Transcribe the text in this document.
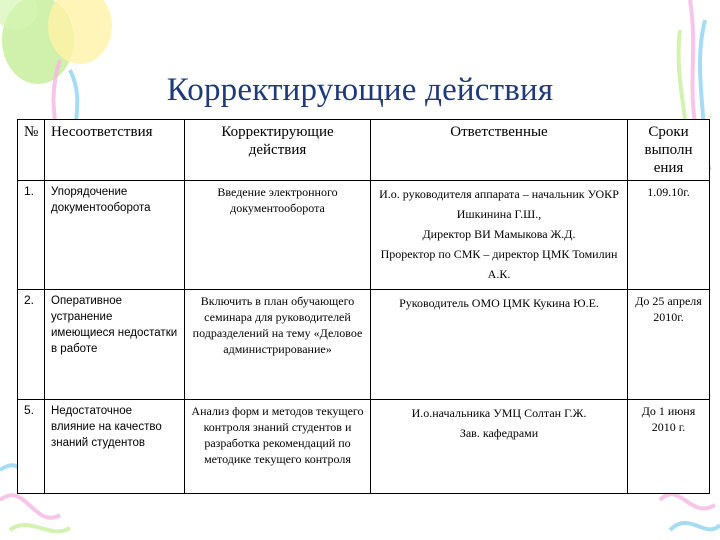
Корректирующие действия
№	Несоответствия	Корректирующие действия	Ответственные	Сроки выполн ения
1.	Упорядочение документооборота	Введение электронного документооборота	И.о. руководителя аппарата – начальник УОКР Ишкинина Г.Ш.,
Директор ВИ Мамыкова Ж.Д.
Проректор по СМК – директор ЦМК Томилин А.К.	1.09.10г.
2.	Оперативное устранение имеющиеся недостатки в работе	Включить в план обучающего семинара для руководителей подразделений на тему «Деловое администрирование»	Руководитель ОМО ЦМК Кукина Ю.Е.	До 25 апреля 2010г.
5.	Недостаточное влияние на качество знаний студентов	Анализ форм и методов текущего контроля знаний студентов и разработка рекомендаций по методике текущего контроля	И.о.начальника УМЦ Солтан Г.Ж.
Зав. кафедрами	До 1 июня 2010 г.
